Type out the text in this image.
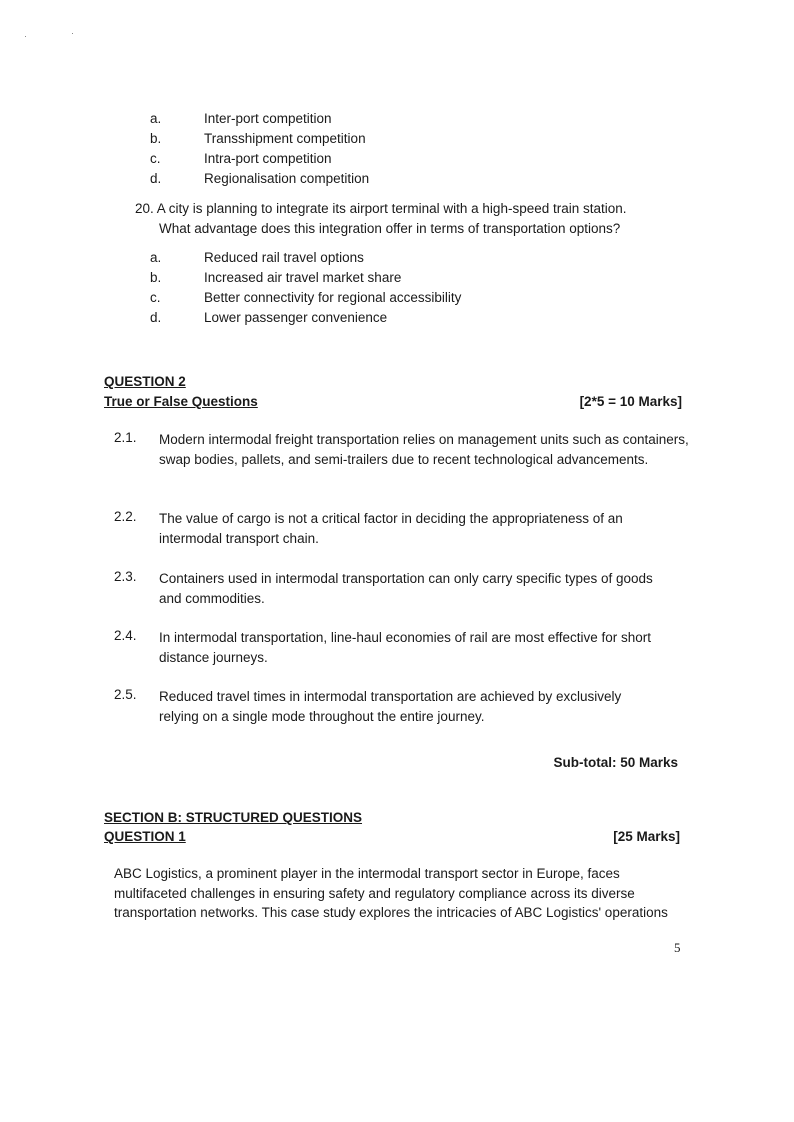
a.	Inter-port competition
b.	Transshipment competition
c.	Intra-port competition
d.	Regionalisation competition
20. A city is planning to integrate its airport terminal with a high-speed train station.
What advantage does this integration offer in terms of transportation options?
a.	Reduced rail travel options
b.	Increased air travel market share
c.	Better connectivity for regional accessibility
d.	Lower passenger convenience
QUESTION 2
True or False Questions	[2*5 = 10 Marks]
2.1. Modern intermodal freight transportation relies on management units such as containers, swap bodies, pallets, and semi-trailers due to recent technological advancements.
2.2. The value of cargo is not a critical factor in deciding the appropriateness of an intermodal transport chain.
2.3. Containers used in intermodal transportation can only carry specific types of goods and commodities.
2.4. In intermodal transportation, line-haul economies of rail are most effective for short distance journeys.
2.5. Reduced travel times in intermodal transportation are achieved by exclusively relying on a single mode throughout the entire journey.
Sub-total: 50 Marks
SECTION B: STRUCTURED QUESTIONS
QUESTION 1	[25 Marks]
ABC Logistics, a prominent player in the intermodal transport sector in Europe, faces multifaceted challenges in ensuring safety and regulatory compliance across its diverse transportation networks. This case study explores the intricacies of ABC Logistics' operations
5
